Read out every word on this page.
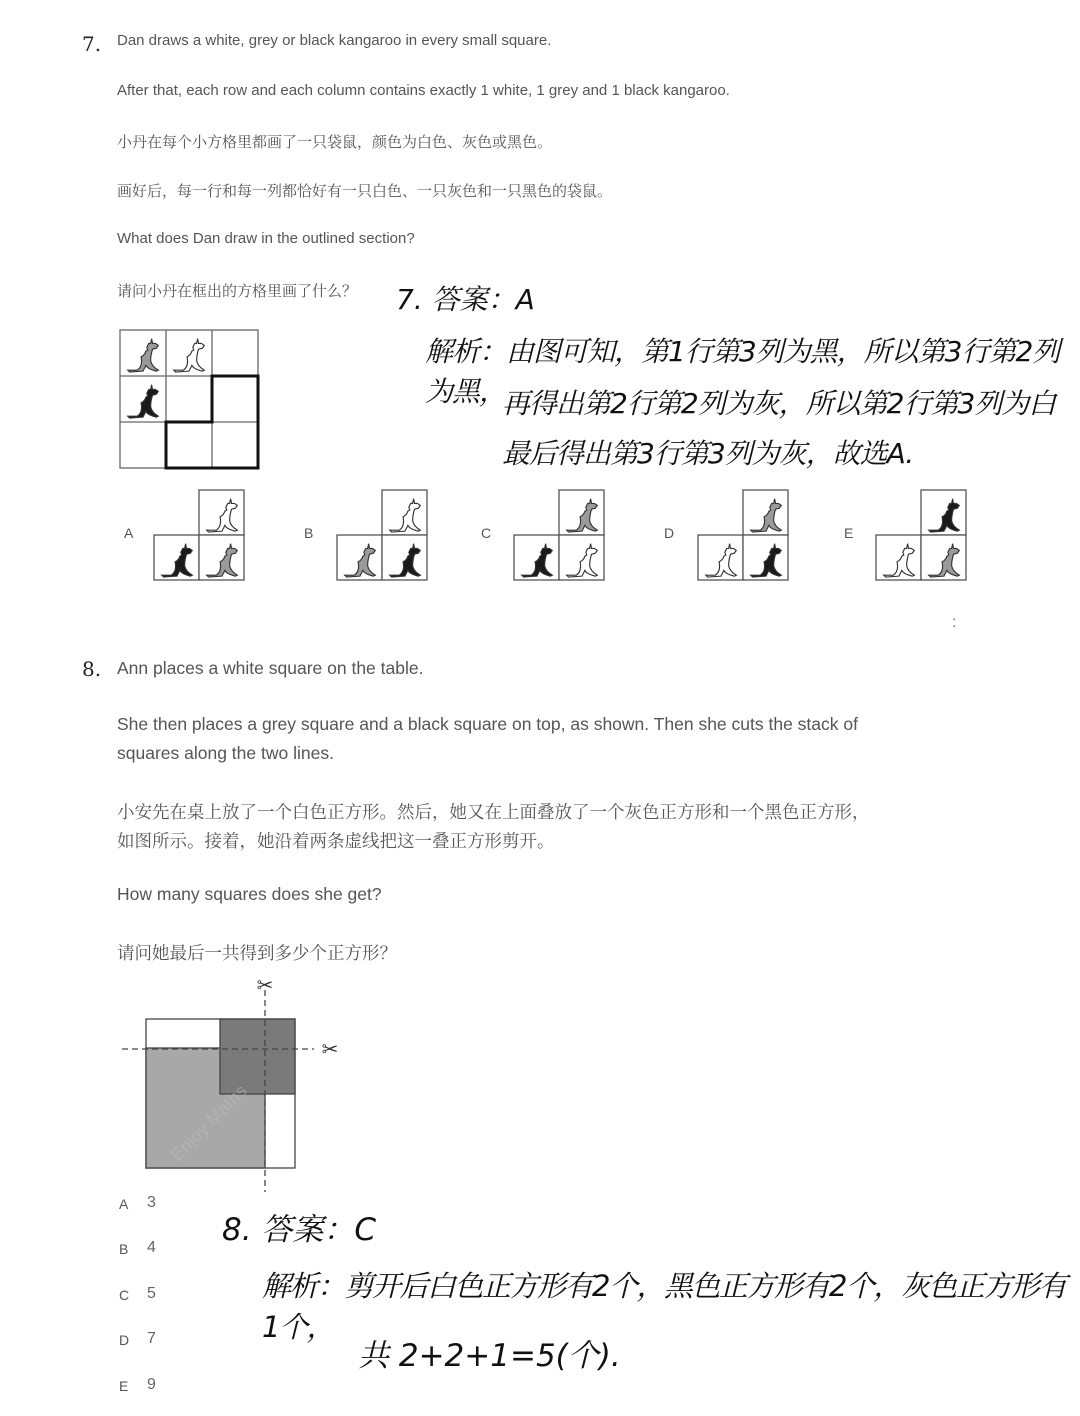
7. Dan draws a white, grey or black kangaroo in every small square.
After that, each row and each column contains exactly 1 white, 1 grey and 1 black kangaroo.
小丹在每个小方格里都画了一只袋鼠，颜色为白色、灰色或黑色。
画好后，每一行和每一列都恰好有一只白色、一只灰色和一只黑色的袋鼠。
What does Dan draw in the outlined section?
请问小丹在框出的方格里画了什么？
A	B	C	D	E
7. 答案：A
解析：由图可知，第1行第3列为黑，所以第3行第2列为黑，
再得出第2行第2列为灰，所以第2行第3列为白
最后得出第3行第3列为灰，故选A.
:
8. Ann places a white square on the table.
She then places a grey square and a black square on top, as shown. Then she cuts the stack of
squares along the two lines.
小安先在桌上放了一个白色正方形。然后，她又在上面叠放了一个灰色正方形和一个黑色正方形，
如图所示。接着，她沿着两条虚线把这一叠正方形剪开。
How many squares does she get?
请问她最后一共得到多少个正方形？
✂
✂
Enjoy Maths
A 3
B 4
C 5
D 7
E 9
8. 答案：C
解析：剪开后白色正方形有2个，黑色正方形有2个，灰色正方形有1个，
共 2+2+1=5(个).
